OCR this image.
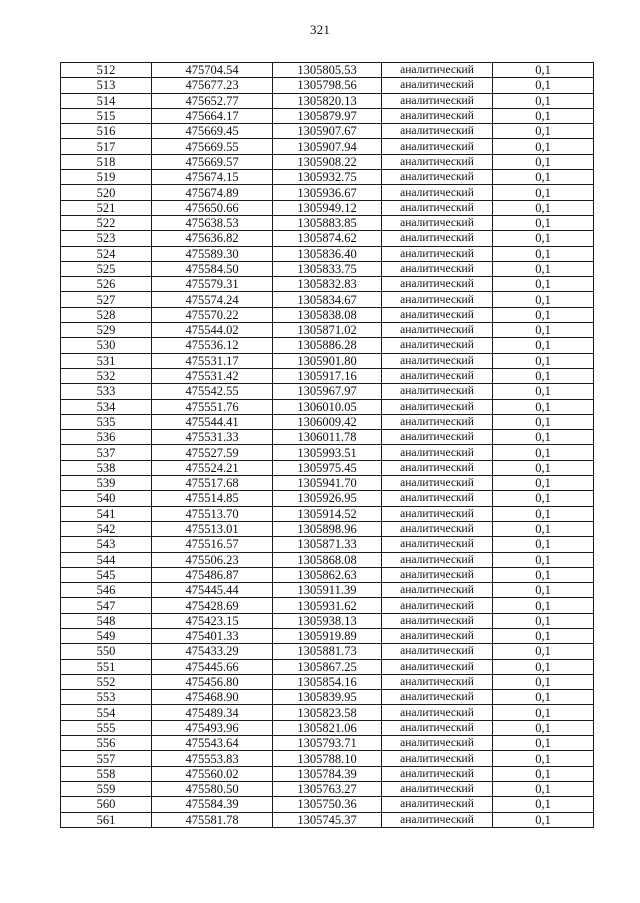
321
512	475704.54	1305805.53	аналитический	0,1
513	475677.23	1305798.56	аналитический	0,1
514	475652.77	1305820.13	аналитический	0,1
515	475664.17	1305879.97	аналитический	0,1
516	475669.45	1305907.67	аналитический	0,1
517	475669.55	1305907.94	аналитический	0,1
518	475669.57	1305908.22	аналитический	0,1
519	475674.15	1305932.75	аналитический	0,1
520	475674.89	1305936.67	аналитический	0,1
521	475650.66	1305949.12	аналитический	0,1
522	475638.53	1305883.85	аналитический	0,1
523	475636.82	1305874.62	аналитический	0,1
524	475589.30	1305836.40	аналитический	0,1
525	475584.50	1305833.75	аналитический	0,1
526	475579.31	1305832.83	аналитический	0,1
527	475574.24	1305834.67	аналитический	0,1
528	475570.22	1305838.08	аналитический	0,1
529	475544.02	1305871.02	аналитический	0,1
530	475536.12	1305886.28	аналитический	0,1
531	475531.17	1305901.80	аналитический	0,1
532	475531.42	1305917.16	аналитический	0,1
533	475542.55	1305967.97	аналитический	0,1
534	475551.76	1306010.05	аналитический	0,1
535	475544.41	1306009.42	аналитический	0,1
536	475531.33	1306011.78	аналитический	0,1
537	475527.59	1305993.51	аналитический	0,1
538	475524.21	1305975.45	аналитический	0,1
539	475517.68	1305941.70	аналитический	0,1
540	475514.85	1305926.95	аналитический	0,1
541	475513.70	1305914.52	аналитический	0,1
542	475513.01	1305898.96	аналитический	0,1
543	475516.57	1305871.33	аналитический	0,1
544	475506.23	1305868.08	аналитический	0,1
545	475486.87	1305862.63	аналитический	0,1
546	475445.44	1305911.39	аналитический	0,1
547	475428.69	1305931.62	аналитический	0,1
548	475423.15	1305938.13	аналитический	0,1
549	475401.33	1305919.89	аналитический	0,1
550	475433.29	1305881.73	аналитический	0,1
551	475445.66	1305867.25	аналитический	0,1
552	475456.80	1305854.16	аналитический	0,1
553	475468.90	1305839.95	аналитический	0,1
554	475489.34	1305823.58	аналитический	0,1
555	475493.96	1305821.06	аналитический	0,1
556	475543.64	1305793.71	аналитический	0,1
557	475553.83	1305788.10	аналитический	0,1
558	475560.02	1305784.39	аналитический	0,1
559	475580.50	1305763.27	аналитический	0,1
560	475584.39	1305750.36	аналитический	0,1
561	475581.78	1305745.37	аналитический	0,1
